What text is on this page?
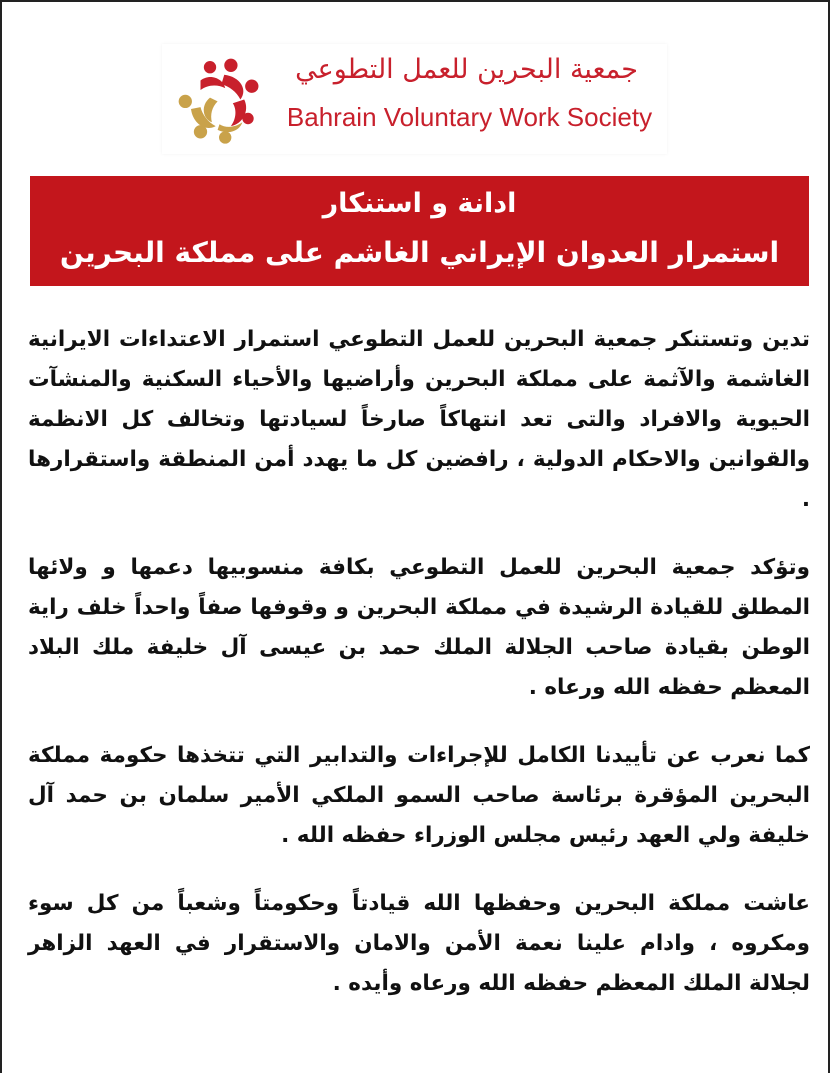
جمعية البحرين للعمل التطوعي
Bahrain Voluntary Work Society
ادانة و استنكار
استمرار العدوان الإيراني الغاشم على مملكة البحرين

تدين وتستنكر جمعية البحرين للعمل التطوعي استمرار الاعتداءات الايرانية الغاشمة والآثمة على مملكة البحرين وأراضيها والأحياء السكنية والمنشآت الحيوية والافراد والتى تعد انتهاكاً صارخاً لسيادتها وتخالف كل الانظمة والقوانين والاحكام الدولية ، رافضين كل ما يهدد أمن المنطقة واستقرارها .

وتؤكد جمعية البحرين للعمل التطوعي بكافة منسوبيها دعمها و ولائها المطلق للقيادة الرشيدة في مملكة البحرين و وقوفها صفاً واحداً خلف راية الوطن بقيادة صاحب الجلالة الملك حمد بن عيسى آل خليفة ملك البلاد المعظم حفظه الله ورعاه .

كما نعرب عن تأييدنا الكامل للإجراءات والتدابير التي تتخذها حكومة مملكة البحرين المؤقرة برئاسة صاحب السمو الملكي الأمير سلمان بن حمد آل خليفة ولي العهد رئيس مجلس الوزراء حفظه الله .

عاشت مملكة البحرين وحفظها الله قيادتاً وحكومتاً وشعباً من كل سوء ومكروه ، وادام علينا نعمة الأمن والامان والاستقرار في العهد الزاهر لجلالة الملك المعظم حفظه الله ورعاه وأيده .
